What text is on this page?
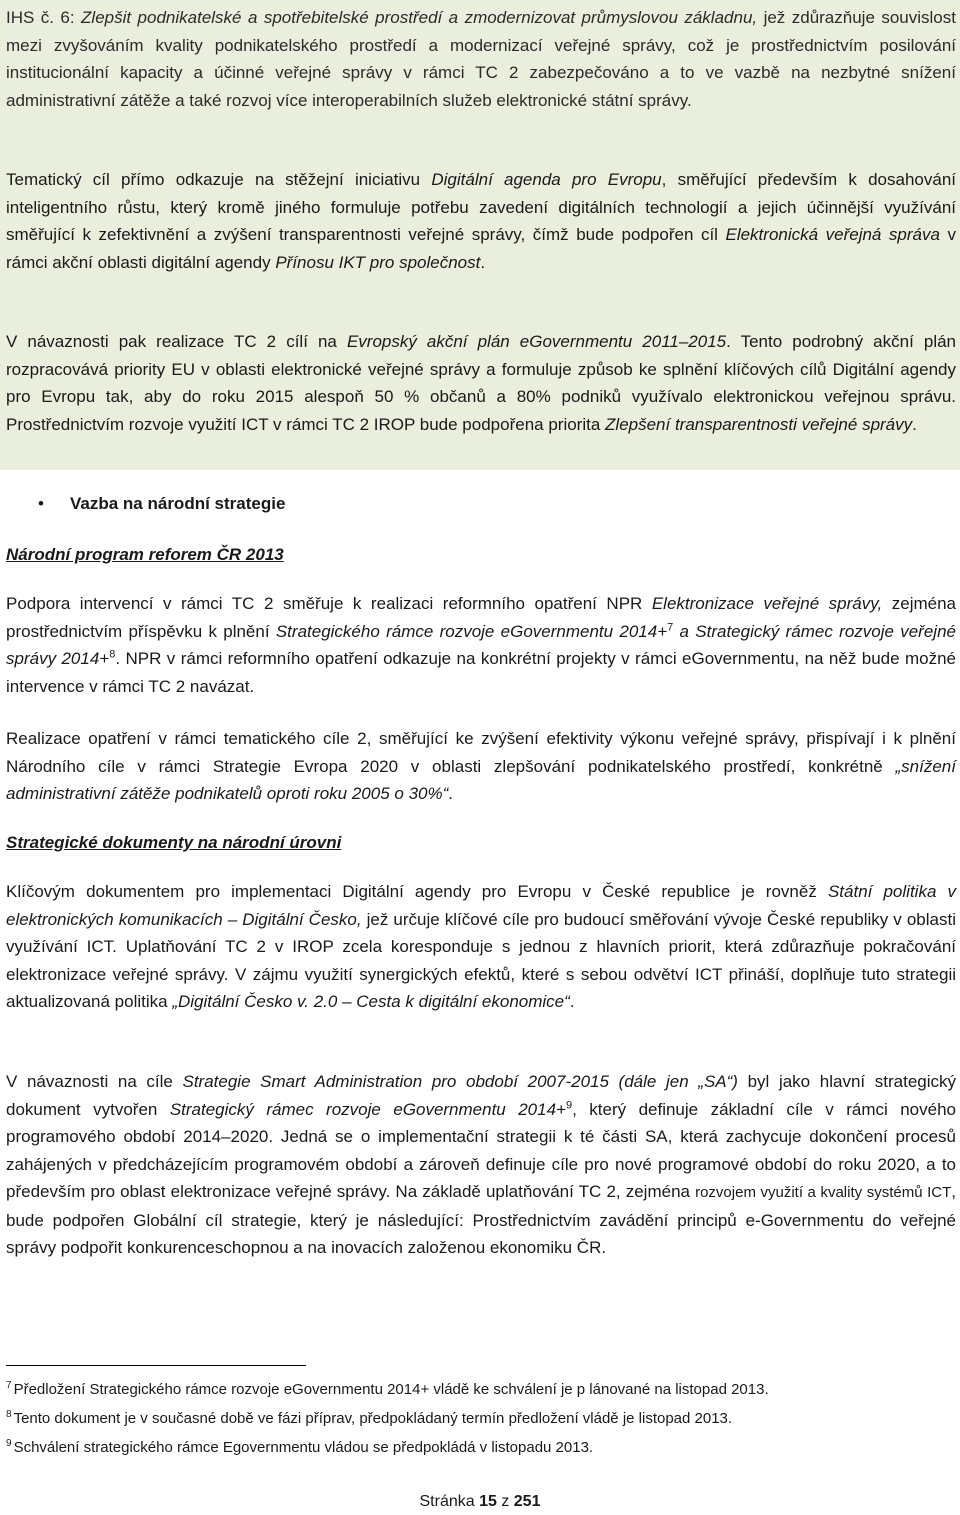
IHS č. 6: Zlepšit podnikatelské a spotřebitelské prostředí a zmodernizovat průmyslovou základnu, jež zdůrazňuje souvislost mezi zvyšováním kvality podnikatelského prostředí a modernizací veřejné správy, což je prostřednictvím posilování institucionální kapacity a účinné veřejné správy v rámci TC 2 zabezpečováno a to ve vazbě na nezbytné snížení administrativní zátěže a také rozvoj více interoperabilních služeb elektronické státní správy.

Tematický cíl přímo odkazuje na stěžejní iniciativu Digitální agenda pro Evropu, směřující především k dosahování inteligentního růstu, který kromě jiného formuluje potřebu zavedení digitálních technologií a jejich účinnější využívání směřující k zefektivnění a zvýšení transparentnosti veřejné správy, čímž bude podpořen cíl Elektronická veřejná správa v rámci akční oblasti digitální agendy Přínosu IKT pro společnost.

V návaznosti pak realizace TC 2 cílí na Evropský akční plán eGovernmentu 2011–2015. Tento podrobný akční plán rozpracovává priority EU v oblasti elektronické veřejné správy a formuluje způsob ke splnění klíčových cílů Digitální agendy pro Evropu tak, aby do roku 2015 alespoň 50 % občanů a 80% podniků využívalo elektronickou veřejnou správu. Prostřednictvím rozvoje využití ICT v rámci TC 2 IROP bude podpořena priorita Zlepšení transparentnosti veřejné správy.

• Vazba na národní strategie

Národní program reforem ČR 2013

Podpora intervencí v rámci TC 2 směřuje k realizaci reformního opatření NPR Elektronizace veřejné správy, zejména prostřednictvím příspěvku k plnění Strategického rámce rozvoje eGovernmentu 2014+$^7$ a Strategický rámec rozvoje veřejné správy 2014+$^8$. NPR v rámci reformního opatření odkazuje na konkrétní projekty v rámci eGovernmentu, na něž bude možné intervence v rámci TC 2 navázat.

Realizace opatření v rámci tematického cíle 2, směřující ke zvýšení efektivity výkonu veřejné správy, přispívají i k plnění Národního cíle v rámci Strategie Evropa 2020 v oblasti zlepšování podnikatelského prostředí, konkrétně „snížení administrativní zátěže podnikatelů oproti roku 2005 o 30%“.

Strategické dokumenty na národní úrovni

Klíčovým dokumentem pro implementaci Digitální agendy pro Evropu v České republice je rovněž Státní politika v elektronických komunikacích – Digitální Česko, jež určuje klíčové cíle pro budoucí směřování vývoje České republiky v oblasti využívání ICT. Uplatňování TC 2 v IROP zcela koresponduje s jednou z hlavních priorit, která zdůrazňuje pokračování elektronizace veřejné správy. V zájmu využití synergických efektů, které s sebou odvětví ICT přináší, doplňuje tuto strategii aktualizovaná politika „Digitální Česko v. 2.0 – Cesta k digitální ekonomice“.

V návaznosti na cíle Strategie Smart Administration pro období 2007-2015 (dále jen „SA“) byl jako hlavní strategický dokument vytvořen Strategický rámec rozvoje eGovernmentu 2014+$^9$, který definuje základní cíle v rámci nového programového období 2014–2020. Jedná se o implementační strategii k té části SA, která zachycuje dokončení procesů zahájených v předcházejícím programovém období a zároveň definuje cíle pro nové programové období do roku 2020, a to především pro oblast elektronizace veřejné správy. Na základě uplatňování TC 2, zejména rozvojem využití a kvality systémů ICT, bude podpořen Globální cíl strategie, který je následující: Prostřednictvím zavádění principů e-Governmentu do veřejné správy podpořit konkurenceschopnou a na inovacích založenou ekonomiku ČR.

$^7$ Předložení Strategického rámce rozvoje eGovernmentu 2014+ vládě ke schválení je p lánované na listopad 2013.
$^8$ Tento dokument je v současné době ve fázi příprav, předpokládaný termín předložení vládě je listopad 2013.
$^9$ Schválení strategického rámce Egovernmentu vládou se předpokládá v listopadu 2013.
Stránka 15 z 251
